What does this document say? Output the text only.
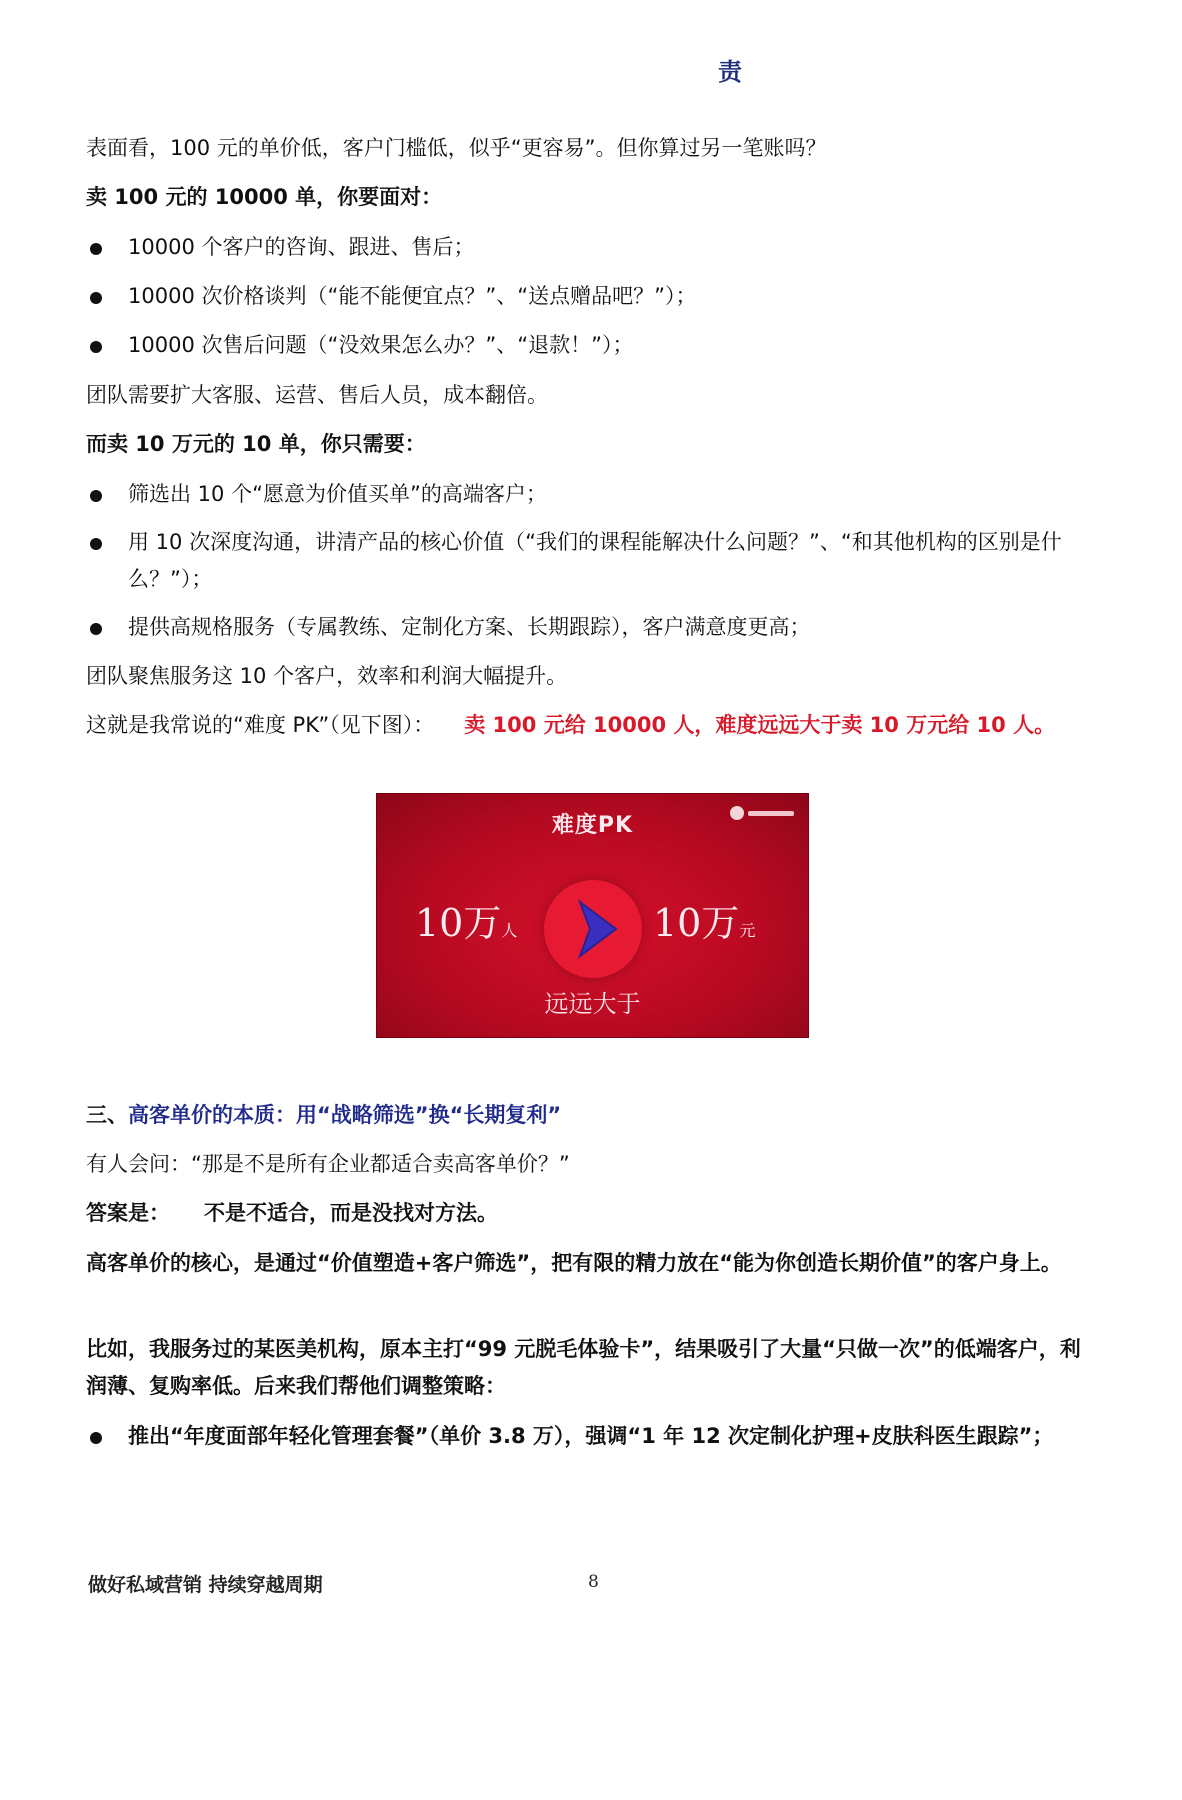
责
表面看，100 元的单价低，客户门槛低，似乎“更容易”。但你算过另一笔账吗？
卖 100 元的 10000 单，你要面对：
10000 个客户的咨询、跟进、售后；
10000 次价格谈判（“能不能便宜点？”、“送点赠品吧？”）；
10000 次售后问题（“没效果怎么办？”、“退款！”）；
团队需要扩大客服、运营、售后人员，成本翻倍。
而卖 10 万元的 10 单，你只需要：
筛选出 10 个“愿意为价值买单”的高端客户；
用 10 次深度沟通，讲清产品的核心价值（“我们的课程能解决什么问题？”、“和其他机构的区别是什么？”）；
提供高规格服务（专属教练、定制化方案、长期跟踪），客户满意度更高；
团队聚焦服务这 10 个客户，效率和利润大幅提升。
这就是我常说的“难度 PK”（见下图）： 卖 100 元给 10000 人，难度远远大于卖 10 万元给 10 人。
难度PK
10万人	10万元
远远大于
三、高客单价的本质：用“战略筛选”换“长期复利”
有人会问：“那是不是所有企业都适合卖高客单价？”
答案是： 不是不适合，而是没找对方法。
高客单价的核心，是通过“价值塑造+客户筛选”，把有限的精力放在“能为你创造长期价值”的客户身上。
比如，我服务过的某医美机构，原本主打“99 元脱毛体验卡”，结果吸引了大量“只做一次”的低端客户，利润薄、复购率低。后来我们帮他们调整策略：
推出“年度面部年轻化管理套餐”（单价 3.8 万），强调“1 年 12 次定制化护理+皮肤科医生跟踪”；
做好私域营销 持续穿越周期	8
